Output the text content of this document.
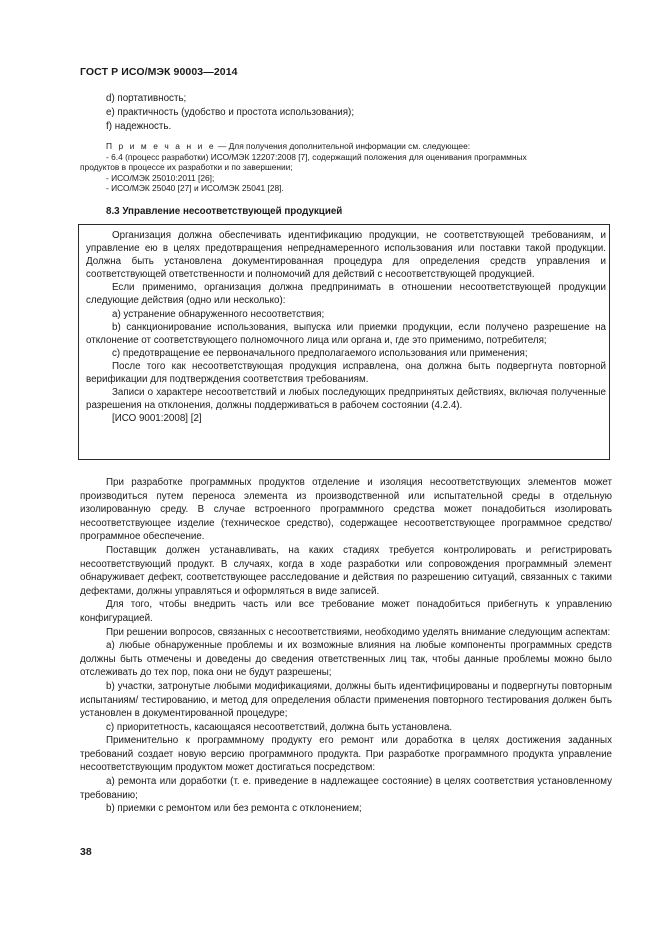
ГОСТ Р ИСО/МЭК 90003—2014
d) портативность;
e) практичность (удобство и простота использования);
f) надежность.
П р и м е ч а н и е — Для получения дополнительной информации см. следующее:
- 6.4 (процесс разработки) ИСО/МЭК 12207:2008 [7], содержащий положения для оценивания программных
продуктов в процессе их разработки и по завершении;
- ИСО/МЭК 25010:2011 [26];
- ИСО/МЭК 25040 [27] и ИСО/МЭК 25041 [28].
8.3 Управление несоответствующей продукцией

Организация должна обеспечивать идентификацию продукции, не соответствующей требованиям, и управление ею в целях предотвращения непреднамеренного использования или поставки такой продукции. Должна быть установлена документированная процедура для определения средств управления и соответствующей ответственности и полномочий для действий с несоответствующей продукцией.

Если применимо, организация должна предпринимать в отношении несоответствующей продукции следующие действия (одно или несколько):

а) устранение обнаруженного несоответствия;

b) санкционирование использования, выпуска или приемки продукции, если получено разрешение на отклонение от соответствующего полномочного лица или органа и, где это применимо, потребителя;

c) предотвращение ее первоначального предполагаемого использования или применения;

После того как несоответствующая продукция исправлена, она должна быть подвергнута повторной верификации для подтверждения соответствия требованиям.

Записи о характере несоответствий и любых последующих предпринятых действиях, включая полученные разрешения на отклонения, должны поддерживаться в рабочем состоянии (4.2.4).

[ИСО 9001:2008] [2]

При разработке программных продуктов отделение и изоляция несоответствующих элементов может производиться путем переноса элемента из производственной или испытательной среды в отдельную изолированную среду. В случае встроенного программного средства может понадобиться изолировать несоответствующее изделие (техническое средство), содержащее несоответствующее программное средство/программное обеспечение.

Поставщик должен устанавливать, на каких стадиях требуется контролировать и регистрировать несоответствующий продукт. В случаях, когда в ходе разработки или сопровождения программный элемент обнаруживает дефект, соответствующее расследование и действия по разрешению ситуаций, связанных с такими дефектами, должны управляться и оформляться в виде записей.

Для того, чтобы внедрить часть или все требование может понадобиться прибегнуть к управлению конфигурацией.

При решении вопросов, связанных с несоответствиями, необходимо уделять внимание следующим аспектам:

а) любые обнаруженные проблемы и их возможные влияния на любые компоненты программных средств должны быть отмечены и доведены до сведения ответственных лиц так, чтобы данные проблемы можно было отслеживать до тех пор, пока они не будут разрешены;

b) участки, затронутые любыми модификациями, должны быть идентифицированы и подвергнуты повторным испытаниям/ тестированию, и метод для определения области применения повторного тестирования должен быть установлен в документированной процедуре;

c) приоритетность, касающаяся несоответствий, должна быть установлена.

Применительно к программному продукту его ремонт или доработка в целях достижения заданных требований создает новую версию программного продукта. При разработке программного продукта управление несоответствующим продуктом может достигаться посредством:

а) ремонта или доработки (т. е. приведение в надлежащее состояние) в целях соответствия установленному требованию;

b) приемки с ремонтом или без ремонта с отклонением;

38
